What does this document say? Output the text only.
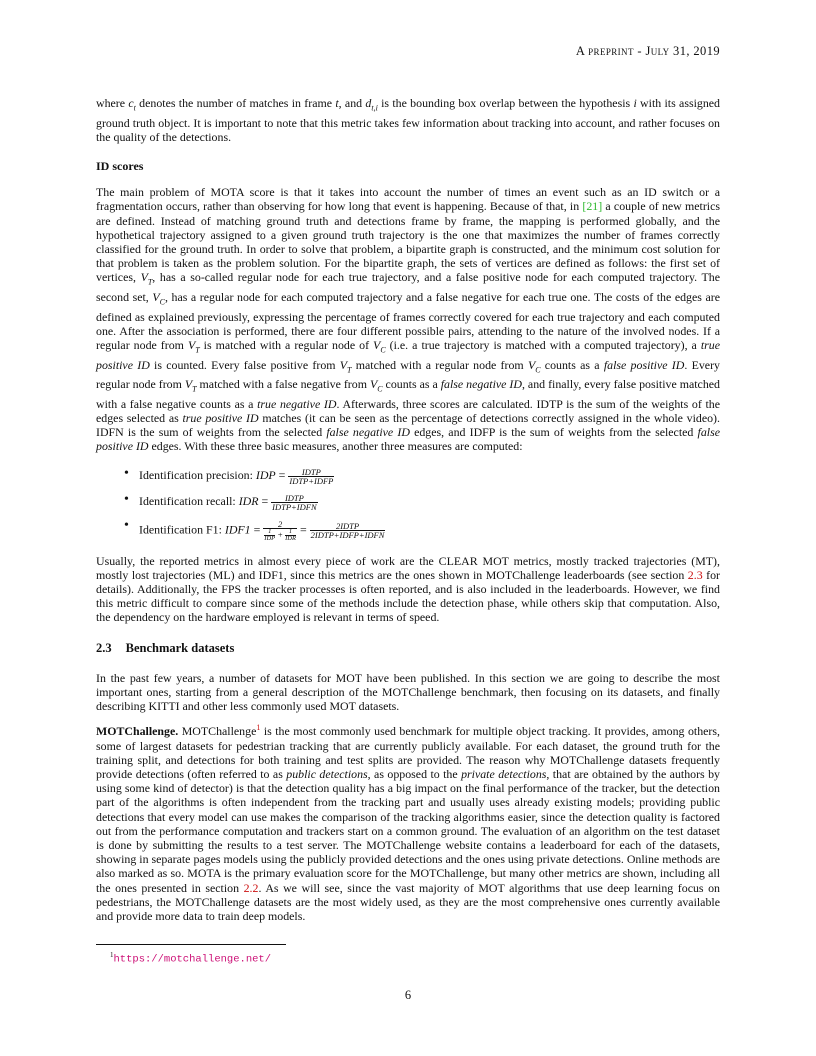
A preprint - July 31, 2019

where $c_t$ denotes the number of matches in frame t, and $d_{t,i}$ is the bounding box overlap between the hypothesis i with its assigned ground truth object. It is important to note that this metric takes few information about tracking into account, and rather focuses on the quality of the detections.

ID scores

The main problem of MOTA score is that it takes into account the number of times an event such as an ID switch or a fragmentation occurs, rather than observing for how long that event is happening. Because of that, in [21] a couple of new metrics are defined. Instead of matching ground truth and detections frame by frame, the mapping is performed globally, and the hypothetical trajectory assigned to a given ground truth trajectory is the one that maximizes the number of frames correctly classified for the ground truth. In order to solve that problem, a bipartite graph is constructed, and the minimum cost solution for that problem is taken as the problem solution. For the bipartite graph, the sets of vertices are defined as follows: the first set of vertices, $V_T$, has a so-called regular node for each true trajectory, and a false positive node for each computed trajectory. The second set, $V_C$, has a regular node for each computed trajectory and a false negative for each true one. The costs of the edges are defined as explained previously, expressing the percentage of frames correctly covered for each true trajectory and each computed one. After the association is performed, there are four different possible pairs, attending to the nature of the involved nodes. If a regular node from $V_T$ is matched with a regular node of $V_C$ (i.e. a true trajectory is matched with a computed trajectory), a true positive ID is counted. Every false positive from $V_T$ matched with a regular node from $V_C$ counts as a false positive ID. Every regular node from $V_T$ matched with a false negative from $V_C$ counts as a false negative ID, and finally, every false positive matched with a false negative counts as a true negative ID. Afterwards, three scores are calculated. IDTP is the sum of the weights of the edges selected as true positive ID matches (it can be seen as the percentage of detections correctly assigned in the whole video). IDFN is the sum of weights from the selected false negative ID edges, and IDFP is the sum of weights from the selected false positive ID edges. With these three basic measures, another three measures are computed:

• Identification precision: IDP = $\frac{\text{IDTP}}{\text{IDTP+IDFP}}$
• Identification recall: IDR = $\frac{\text{IDTP}}{\text{IDTP+IDFN}}$
• Identification F1: IDF1 = 2
1
IDP + 1
IDR = $\frac{\text{2IDTP}}{\text{2IDTP+IDFP+IDFN}}$

Usually, the reported metrics in almost every piece of work are the CLEAR MOT metrics, mostly tracked trajectories (MT), mostly lost trajectories (ML) and IDF1, since this metrics are the ones shown in MOTChallenge leaderboards (see section 2.3 for details). Additionally, the FPS the tracker processes is often reported, and is also included in the leaderboards. However, we find this metric difficult to compare since some of the methods include the detection phase, while others skip that computation. Also, the dependency on the hardware employed is relevant in terms of speed.

2.3 Benchmark datasets

In the past few years, a number of datasets for MOT have been published. In this section we are going to describe the most important ones, starting from a general description of the MOTChallenge benchmark, then focusing on its datasets, and finally describing KITTI and other less commonly used MOT datasets.

MOTChallenge. MOTChallenge$^1$ is the most commonly used benchmark for multiple object tracking. It provides, among others, some of largest datasets for pedestrian tracking that are currently publicly available. For each dataset, the ground truth for the training split, and detections for both training and test splits are provided. The reason why MOTChallenge datasets frequently provide detections (often referred to as public detections, as opposed to the private detections, that are obtained by the authors by using some kind of detector) is that the detection quality has a big impact on the final performance of the tracker, but the detection part of the algorithms is often independent from the tracking part and usually uses already existing models; providing public detections that every model can use makes the comparison of the tracking algorithms easier, since the detection quality is factored out from the performance computation and trackers start on a common ground. The evaluation of an algorithm on the test dataset is done by submitting the results to a test server. The MOTChallenge website contains a leaderboard for each of the datasets, showing in separate pages models using the publicly provided detections and the ones using private detections. Online methods are also marked as so. MOTA is the primary evaluation score for the MOTChallenge, but many other metrics are shown, including all the ones presented in section 2.2. As we will see, since the vast majority of MOT algorithms that use deep learning focus on pedestrians, the MOTChallenge datasets are the most widely used, as they are the most comprehensive ones currently available and provide more data to train deep models.

$^1$https://motchallenge.net/
6
